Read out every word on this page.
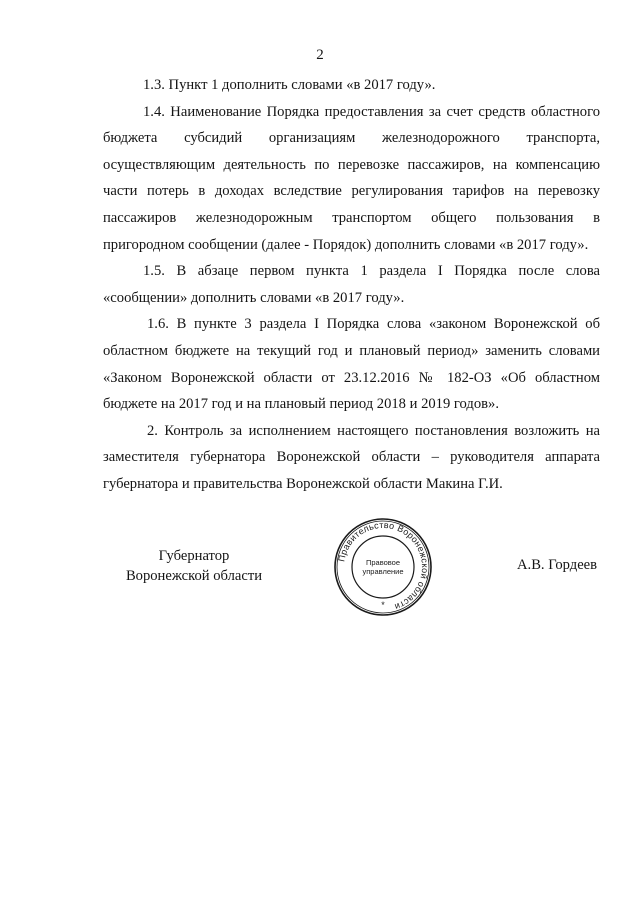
2

1.3. Пункт 1 дополнить словами «в 2017 году».

1.4. Наименование Порядка предоставления за счет средств областного бюджета субсидий организациям железнодорожного транспорта, осуществляющим деятельность по перевозке пассажиров, на компенсацию части потерь в доходах вследствие регулирования тарифов на перевозку пассажиров железнодорожным транспортом общего пользования в пригородном сообщении (далее - Порядок) дополнить словами «в 2017 году».

1.5. В абзаце первом пункта 1 раздела I Порядка после слова «сообщении» дополнить словами «в 2017 году».

1.6. В пункте 3 раздела I Порядка слова «законом Воронежской об областном бюджете на текущий год и плановый период» заменить словами «Законом Воронежской области от 23.12.2016 № 182-ОЗ «Об областном бюджете на 2017 год и на плановый период 2018 и 2019 годов».

2. Контроль за исполнением настоящего постановления возложить на заместителя губернатора Воронежской области – руководителя аппарата губернатора и правительства Воронежской области Макина Г.И.

Губернатор
Воронежской области
Правительство Воронежской области
Правовое
управление
*
А.В. Гордеев
